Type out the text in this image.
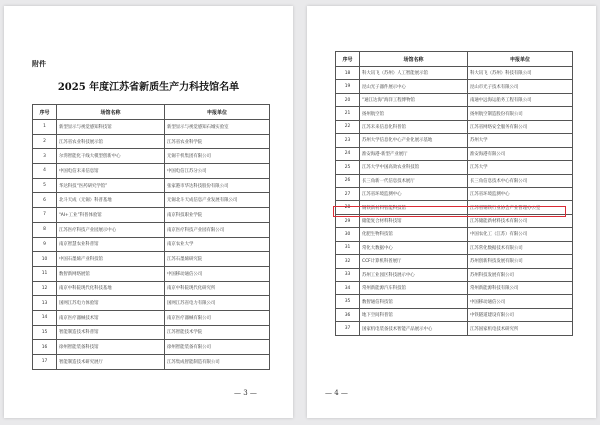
附件
2025 年度江苏省新质生产力科技馆名单
序号	场馆名称	申报单位
1	新型显示与视觉感知科技馆	新型显示与视觉感知石城实验室
2	江苏省农业科技展示馆	江苏省农业科学院
3	尔湾智能化干线大模型创新中心	无锡千机集团有限公司
4	中国电信未来信息馆	中国电信江苏分公司
5	华达科技“医药研究学馆”	张家港市华达科技股份有限公司
6	北斗天成（无锡）科普基地	无锡北斗天成信息产业发展有限公司
7	“AI+工业”科普体验馆	南京科技职业学院
8	江苏医疗科技产业园展示中心	南京医疗科技产业园有限公司
9	南京智慧农业科普馆	南京农业大学
10	中国石墨烯产业科技馆	江苏石墨烯研究院
11	数智新网络展馆	中国移动通信公司
12	南京中科院现代化科技基地	南京中科院现代化研究所
13	国网江苏电力体验馆	国网江苏省电力有限公司
14	南京医疗器械技术馆	南京医疗器械有限公司
15	智能制造技术科普馆	江苏智能技术学院
16	徐州智能装备科技馆	徐州智能装备有限公司
17	智能制造技术研究展厅	江苏集成智能制造有限公司
— 3 —
序号	场馆名称	申报单位
18	科大讯飞（苏州）人工智能展示馆	科大讯飞（苏州）科技有限公司
19	昆山光子器件展示中心	昆山市光子技术有限公司
20	“通江达海”海洋工程博物馆	南通中远海运船务工程有限公司
21	扬州航空馆	扬州航空制造股份有限公司
22	江苏未来信息化科普馆	江苏省网络安全服务有限公司
23	苏州大学信息化中心产业化展示基地	苏州大学
24	淮安海港-新型产业展厅	淮安海港有限公司
25	江苏大学中国高效农业科技馆	江苏大学
26	长三角新一代信息技术展厅	长三角信息技术中心有限公司
27	江苏省环境监测中心	江苏省环境监测中心
28	钢铁新材料智能科技馆	江苏省钢铁行业协会产业管理办公室
29	储能复合材料科技馆	江苏储能新材料技术有限公司
30	化肥生物科技馆	中国农化工（江苏）有限公司
31	常化大数据中心	江苏常化数据技术有限公司
32	CCF计算机科普展厅	苏州创新科技发展有限公司
33	苏州工业园区科技展示中心	苏州科技发展有限公司
34	常州新能源汽车科技馆	常州新能源科技有限公司
35	数智通信科技馆	中国移动通信公司
36	地下空间科普馆	中铁隧道建设有限公司
37	国家机电装备技术智能产品展示中心	江苏国家机电技术研究所
— 4 —
